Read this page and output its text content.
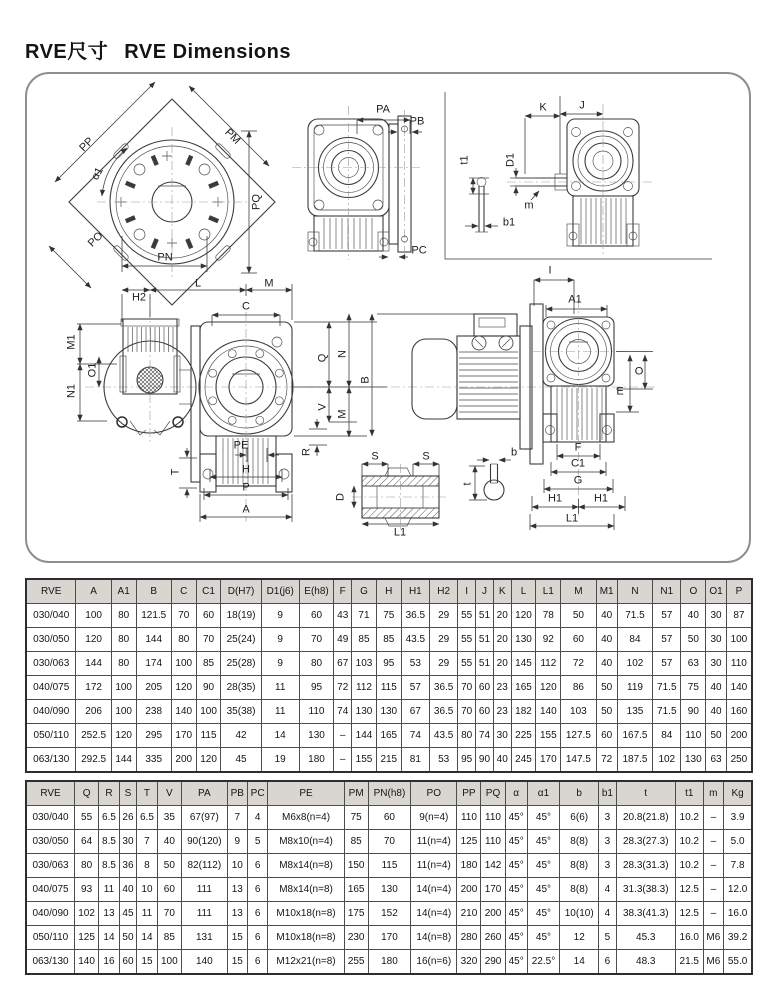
RVE尺寸 RVE Dimensions
PP	PM
α1
PO
PN
PQ
PA
PB
PC
K	J
t1	D1
m
b1
H2
L	M
C
M1
O1
N1
T
Q N
B
V
M
R
PE
H
P
A
I
A1
O
E
F
C1
G
H1	H1
L1
S	S
D
L1
b
t
RVE	A	A1	B	C	C1	D(H7)	D1(j6)	E(h8)	F	G	H	H1	H2	I	J	K	L	L1	M	M1	N	N1	O	O1	P
030/040	100	80	121.5	70	60	18(19)	9	60	43	71	75	36.5	29	55	51	20	120	78	50	40	71.5	57	40	30	87
030/050	120	80	144	80	70	25(24)	9	70	49	85	85	43.5	29	55	51	20	130	92	60	40	84	57	50	30	100
030/063	144	80	174	100	85	25(28)	9	80	67	103	95	53	29	55	51	20	145	112	72	40	102	57	63	30	110
040/075	172	100	205	120	90	28(35)	11	95	72	112	115	57	36.5	70	60	23	165	120	86	50	119	71.5	75	40	140
040/090	206	100	238	140	100	35(38)	11	110	74	130	130	67	36.5	70	60	23	182	140	103	50	135	71.5	90	40	160
050/110	252.5	120	295	170	115	42	14	130	–	144	165	74	43.5	80	74	30	225	155	127.5	60	167.5	84	110	50	200
063/130	292.5	144	335	200	120	45	19	180	–	155	215	81	53	95	90	40	245	170	147.5	72	187.5	102	130	63	250
RVE	Q	R	S	T	V	PA	PB	PC	PE	PM	PN(h8)	PO	PP	PQ	α	α1	b	b1	t	t1	m	Kg
030/040	55	6.5	26	6.5	35	67(97)	7	4	M6x8(n=4)	75	60	9(n=4)	110	110	45°	45°	6(6)	3	20.8(21.8)	10.2	–	3.9
030/050	64	8.5	30	7	40	90(120)	9	5	M8x10(n=4)	85	70	11(n=4)	125	110	45°	45°	8(8)	3	28.3(27.3)	10.2	–	5.0
030/063	80	8.5	36	8	50	82(112)	10	6	M8x14(n=8)	150	115	11(n=4)	180	142	45°	45°	8(8)	3	28.3(31.3)	10.2	–	7.8
040/075	93	11	40	10	60	111	13	6	M8x14(n=8)	165	130	14(n=4)	200	170	45°	45°	8(8)	4	31.3(38.3)	12.5	–	12.0
040/090	102	13	45	11	70	111	13	6	M10x18(n=8)	175	152	14(n=4)	210	200	45°	45°	10(10)	4	38.3(41.3)	12.5	–	16.0
050/110	125	14	50	14	85	131	15	6	M10x18(n=8)	230	170	14(n=8)	280	260	45°	45°	12	5	45.3	16.0	M6	39.2
063/130	140	16	60	15	100	140	15	6	M12x21(n=8)	255	180	16(n=6)	320	290	45°	22.5°	14	6	48.3	21.5	M6	55.0
